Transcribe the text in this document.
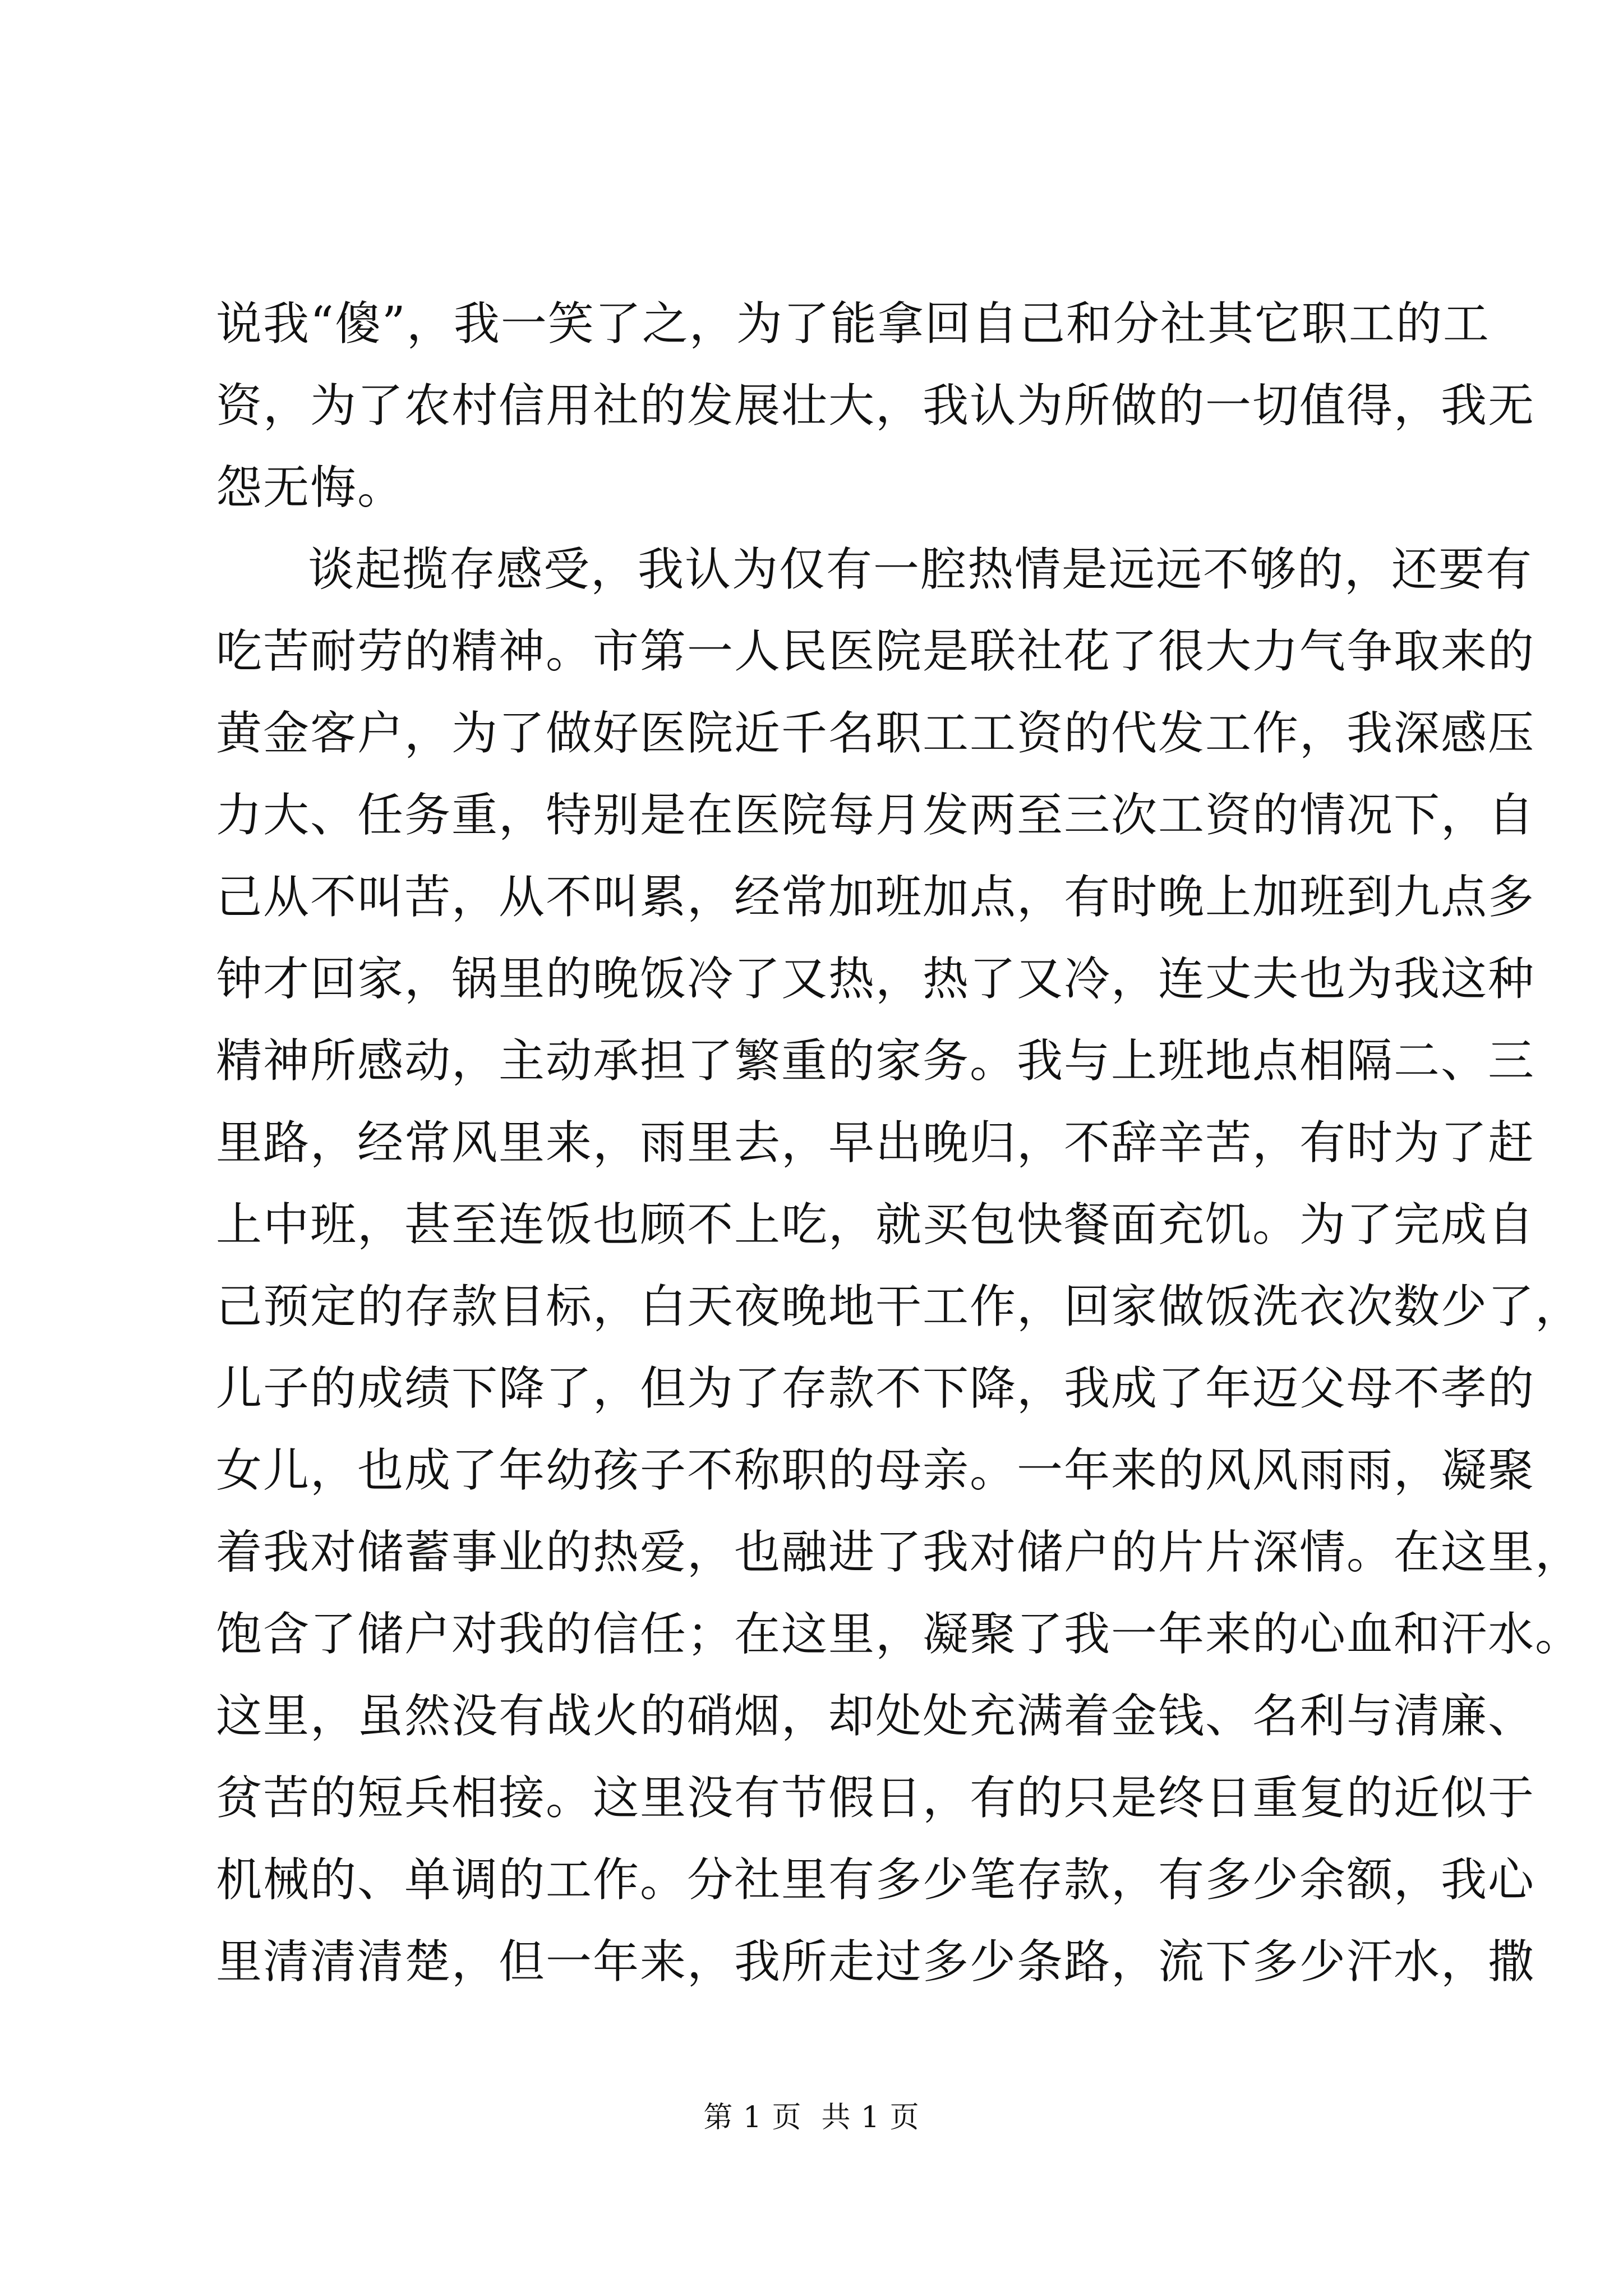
说我“傻”，我一笑了之，为了能拿回自己和分社其它职工的工
资，为了农村信用社的发展壮大，我认为所做的一切值得，我无
怨无悔。
谈起揽存感受，我认为仅有一腔热情是远远不够的，还要有
吃苦耐劳的精神。市第一人民医院是联社花了很大力气争取来的
黄金客户，为了做好医院近千名职工工资的代发工作，我深感压
力大、任务重，特别是在医院每月发两至三次工资的情况下，自
己从不叫苦，从不叫累，经常加班加点，有时晚上加班到九点多
钟才回家，锅里的晚饭冷了又热，热了又冷，连丈夫也为我这种
精神所感动，主动承担了繁重的家务。我与上班地点相隔二、三
里路，经常风里来，雨里去，早出晚归，不辞辛苦，有时为了赶
上中班，甚至连饭也顾不上吃，就买包快餐面充饥。为了完成自
己预定的存款目标，白天夜晚地干工作，回家做饭洗衣次数少了，
儿子的成绩下降了，但为了存款不下降，我成了年迈父母不孝的
女儿，也成了年幼孩子不称职的母亲。一年来的风风雨雨，凝聚
着我对储蓄事业的热爱，也融进了我对储户的片片深情。在这里，
饱含了储户对我的信任；在这里，凝聚了我一年来的心血和汗水。
这里，虽然没有战火的硝烟，却处处充满着金钱、名利与清廉、
贫苦的短兵相接。这里没有节假日，有的只是终日重复的近似于
机械的、单调的工作。分社里有多少笔存款，有多少余额，我心
里清清清楚，但一年来，我所走过多少条路，流下多少汗水，撒
第 1 页  共 1 页
